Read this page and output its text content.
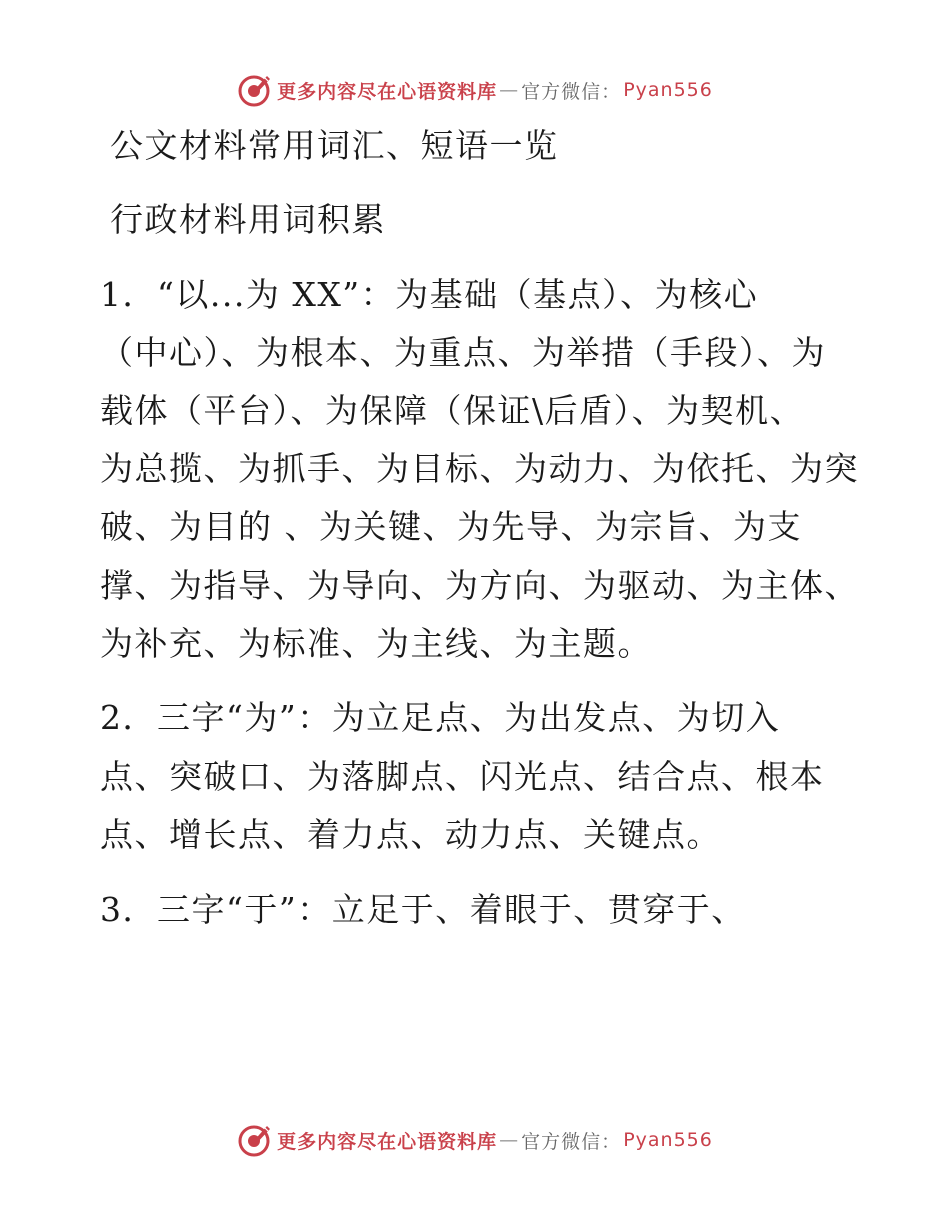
更多内容尽在心语资料库 — 官方微信： Pyan556
公文材料常用词汇、短语一览
行政材料用词积累
1．“以...为 XX”：为基础（基点）、为核心
（中心）、为根本、为重点、为举措（手段）、为
载体（平台）、为保障（保证\后盾）、为契机、
为总揽、为抓手、为目标、为动力、为依托、为突
破、为目的 、为关键、为先导、为宗旨、为支
撑、为指导、为导向、为方向、为驱动、为主体、
为补充、为标准、为主线、为主题。
2．三字“为”：为立足点、为出发点、为切入
点、突破口、为落脚点、闪光点、结合点、根本
点、增长点、着力点、动力点、关键点。
3．三字“于”：立足于、着眼于、贯穿于、
更多内容尽在心语资料库 — 官方微信： Pyan556
